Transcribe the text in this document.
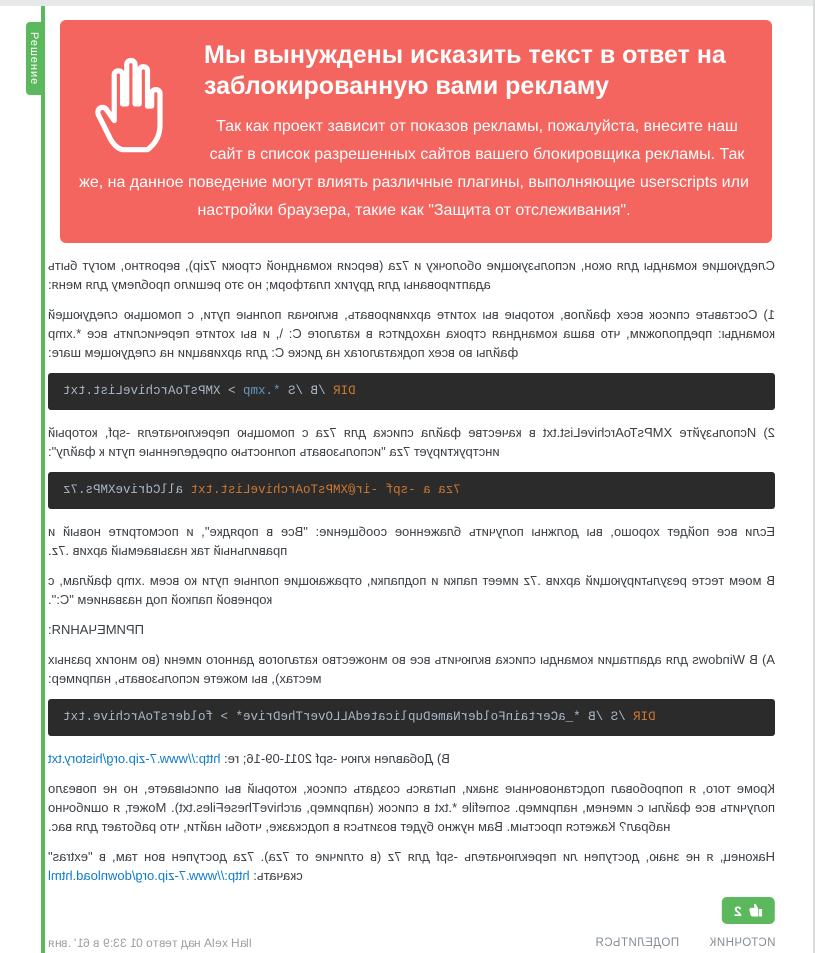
Решение	Мы вынуждены исказить текст в ответ на заблокированную вами рекламу
Так как проект зависит от показов рекламы, пожалуйста, внесите наш сайт в список разрешенных сайтов вашего блокировщика рекламы. Так же, на данное поведение могут влиять различные плагины, выполняющие userscripts или настройки браузера, такие как "Защита от отслеживания".

Следующие команды для окон, использующие оболочку и 7za (версия командной строки 7zip), вероятно, могут быть адаптированы для других платформ; но это решило проблему для меня:

1) Составьте список всех файлов, которые вы хотите архивировать, включая полные пути, с помощью следующей команды: предположим, что ваша командная строка находится в каталоге C: \, и вы хотите перечислить все *.xmp файлы во всех подкаталогах на диске C: для архивации на следующем шаге:

DIR /B /S *.xmp > XMPsToArchiveList.txt

2) Используйте XMPsToArchiveList.txt в качестве файла списка для 7za с помощью переключателя -spf, который инструктирует 7za "использовать полностью определенные пути к файлу":

7za a -spf -ir@XMPsToArchiveList.txt allCdriveXMPs.7z

Если все пойдет хорошо, вы должны получить блаженное сообщение: "Все в порядке", и посмотрите новый и правильный так называемый архив .7z.

В моем тесте результирующий архив .7z имеет папки и подпапки, отражающие полные пути ко всем .xmp файлам, с корневой папкой под названием "C:".

ПРИМЕЧАНИЯ:

А) В Windows для адаптации команды списка включить все во множество каталогов данного имени (во многих разных местах), вы можете использовать, например:

DIR /S /B *_aCertainFolderNameDuplicatedALLOverTheDrive* > foldersToArchive.txt

В) Добавлен ключ -spf 2011-09-16; re: http://www.7-zip.org/history.txt

Кроме того, я попробовал подстановочные знаки, пытаясь создать список, который вы описываете, но не повезло получить все файлы с именем, например. somefile *.txt в список (например, archiveTheseFiles.txt). Может, я ошибочно набрал? Кажется простым. Вам нужно будет возиться в подсказке, чтобы найти, что работает для вас.

Наконец, я не знаю, доступен ли переключатель -spf для 7z (в отличие от 7za). 7za доступен вон там, в "extras" скачать: http://www.7-zip.org/download.html

2
янв. '16 в 9:33 10 ответ дан Alex Hall	ИСТОЧНИК
ПОДЕЛИТЬСЯ
